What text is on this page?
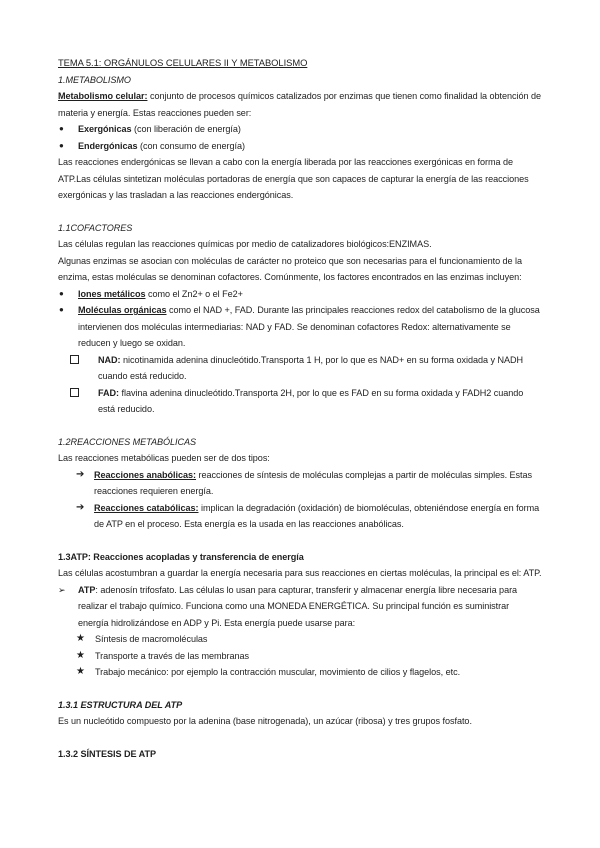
TEMA 5.1: ORGÁNULOS CELULARES II Y METABOLISMO

1.METABOLISMO

Metabolismo celular: conjunto de procesos químicos catalizados por enzimas que tienen como finalidad la obtención de materia y energía. Estas reacciones pueden ser:

● Exergónicas (con liberación de energía)
● Endergónicas (con consumo de energía)

Las reacciones endergónicas se llevan a cabo con la energía liberada por las reacciones exergónicas en forma de ATP.Las células sintetizan moléculas portadoras de energía que son capaces de capturar la energía de las reacciones exergónicas y las trasladan a las reacciones endergónicas.

1.1COFACTORES

Las células regulan las reacciones químicas por medio de catalizadores biológicos:ENZIMAS.

Algunas enzimas se asocian con moléculas de carácter no proteico que son necesarias para el funcionamiento de la enzima, estas moléculas se denominan cofactores. Comúnmente, los factores encontrados en las enzimas incluyen:

● Iones metálicos como el Zn2+ o el Fe2+
● Moléculas orgánicas como el NAD +, FAD. Durante las principales reacciones redox del catabolismo de la glucosa intervienen dos moléculas intermediarias: NAD y FAD. Se denominan cofactores Redox: alternativamente se reducen y luego se oxidan.
NAD: nicotinamida adenina dinucleótido.Transporta 1 H, por lo que es NAD+ en su forma oxidada y NADH cuando está reducido.
FAD: flavina adenina dinucleótido.Transporta 2H, por lo que es FAD en su forma oxidada y FADH2 cuando está reducido.

1.2REACCIONES METABÓLICAS

Las reacciones metabólicas pueden ser de dos tipos:

➔ Reacciones anabólicas: reacciones de síntesis de moléculas complejas a partir de moléculas simples. Estas reacciones requieren energía.
➔ Reacciones catabólicas: implican la degradación (oxidación) de biomoléculas, obteniéndose energía en forma de ATP en el proceso. Esta energía es la usada en las reacciones anabólicas.

1.3ATP: Reacciones acopladas y transferencia de energía

Las células acostumbran a guardar la energía necesaria para sus reacciones en ciertas moléculas, la principal es el: ATP.

➢ ATP: adenosín trifosfato. Las células lo usan para capturar, transferir y almacenar energía libre necesaria para realizar el trabajo químico. Funciona como una MONEDA ENERGÉTICA. Su principal función es suministrar energía hidrolizándose en ADP y Pi. Esta energía puede usarse para:
★ Síntesis de macromoléculas
★ Transporte a través de las membranas
★ Trabajo mecánico: por ejemplo la contracción muscular, movimiento de cilios y flagelos, etc.

1.3.1 ESTRUCTURA DEL ATP

Es un nucleótido compuesto por la adenina (base nitrogenada), un azúcar (ribosa) y tres grupos fosfato.

1.3.2 SÍNTESIS DE ATP
